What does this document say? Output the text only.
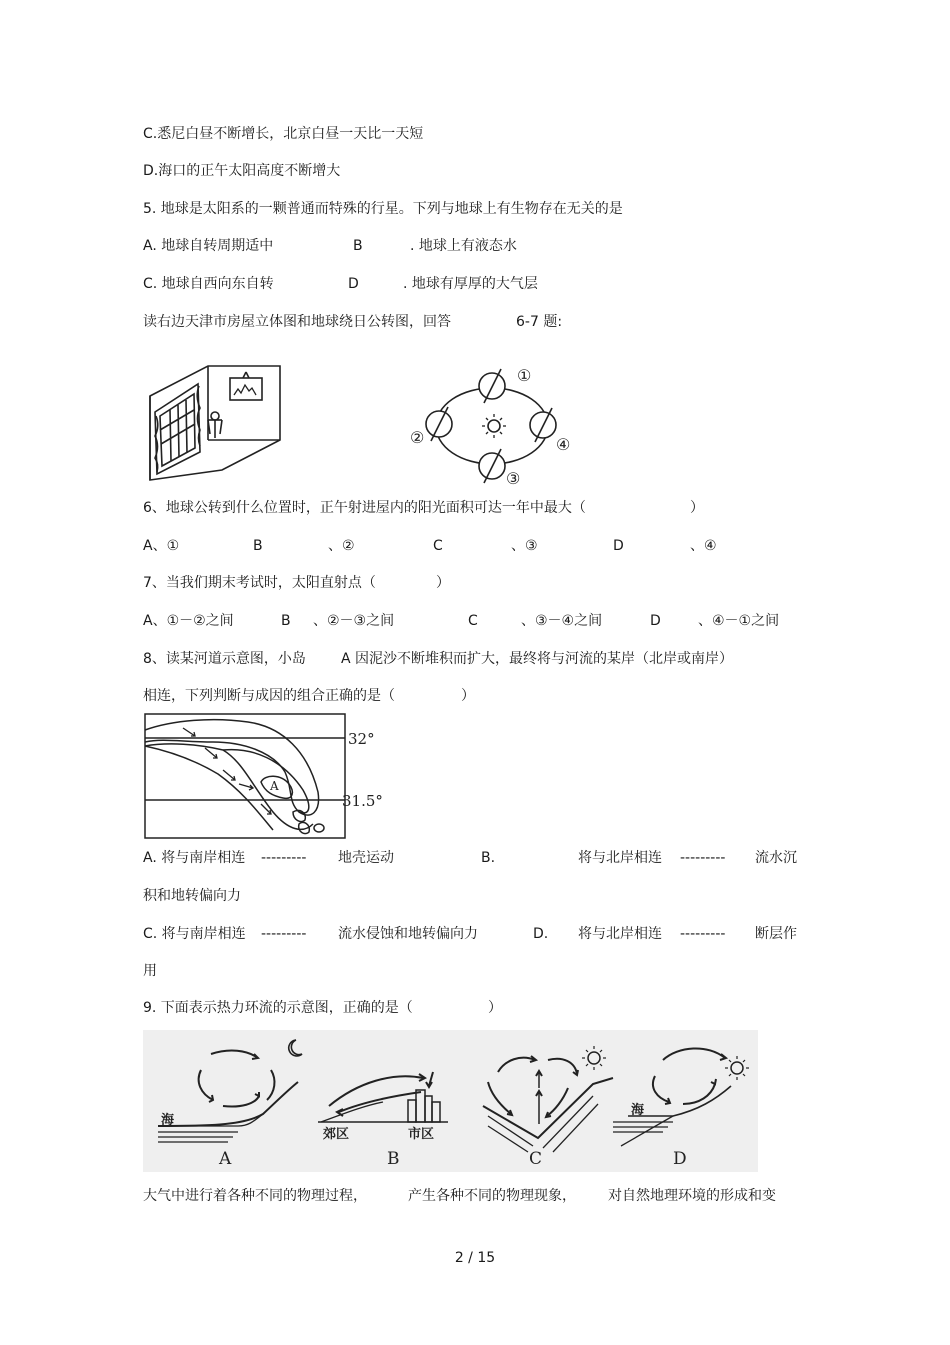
C.悉尼白昼不断增长，北京白昼一天比一天短
D.海口的正午太阳高度不断增大
5. 地球是太阳系的一颗普通而特殊的行星。下列与地球上有生物存在无关的是
A. 地球自转周期适中	B	. 地球上有液态水
C. 地球自西向东自转	D	. 地球有厚厚的大气层
读右边天津市房屋立体图和地球绕日公转图，回答	6-7 题:
①
②
③
④
6、地球公转到什么位置时，正午射进屋内的阳光面积可达一年中最大（	）
A、①	B	、②	C	、③	D	、④
7、当我们期末考试时，太阳直射点（	）
A、①－②之间	B 、②－③之间	C	、③－④之间	D	、④－①之间
8、读某河道示意图，小岛	A 因泥沙不断堆积而扩大，最终将与河流的某岸（北岸或南岸）
相连，下列判断与成因的组合正确的是（	）
A
32°
31.5°
A. 将与南岸相连 --------- 地壳运动	B.	将与北岸相连 --------- 流水沉
积和地转偏向力
C. 将与南岸相连 --------- 流水侵蚀和地转偏向力	D. 将与北岸相连 --------- 断层作
用
9. 下面表示热力环流的示意图，正确的是（	）
海
郊区	市区
海
A	B	C	D
大气中进行着各种不同的物理过程，	产生各种不同的物理现象， 对自然地理环境的形成和变
2 / 15
